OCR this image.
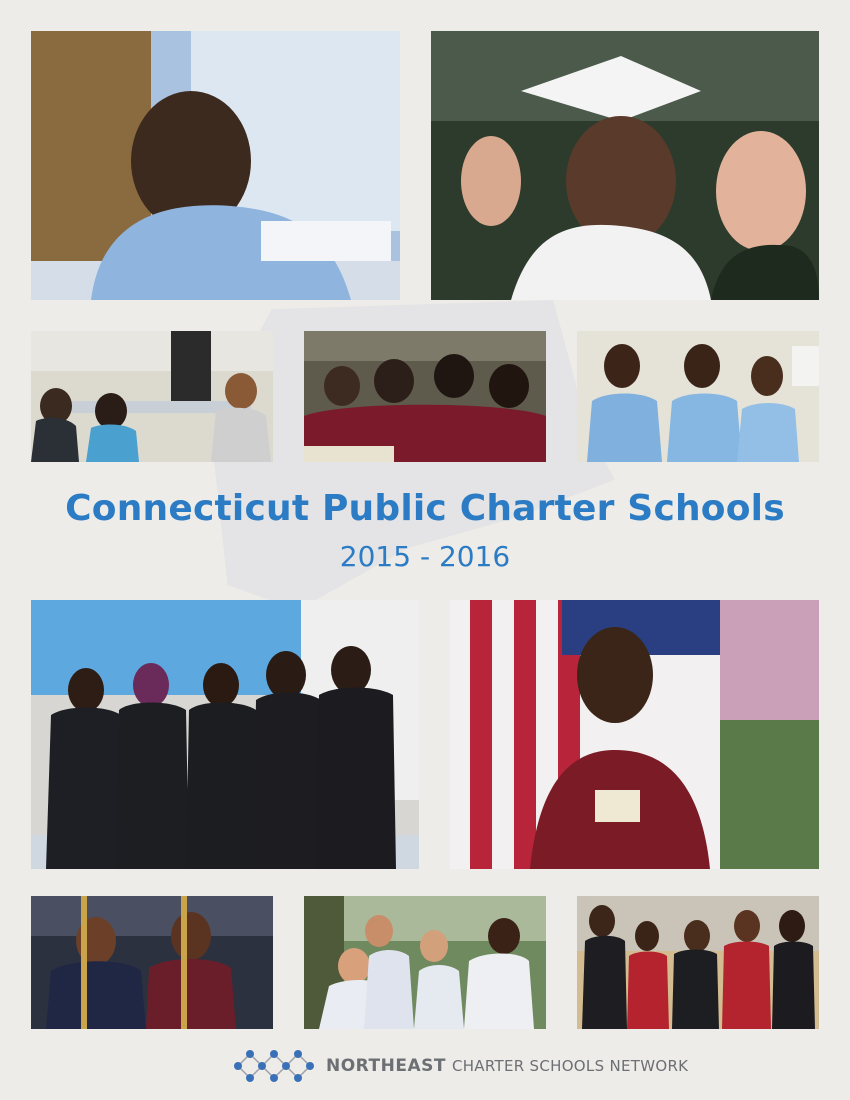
Connecticut Public Charter Schools
2015 - 2016
NORTHEAST CHARTER SCHOOLS NETWORK
